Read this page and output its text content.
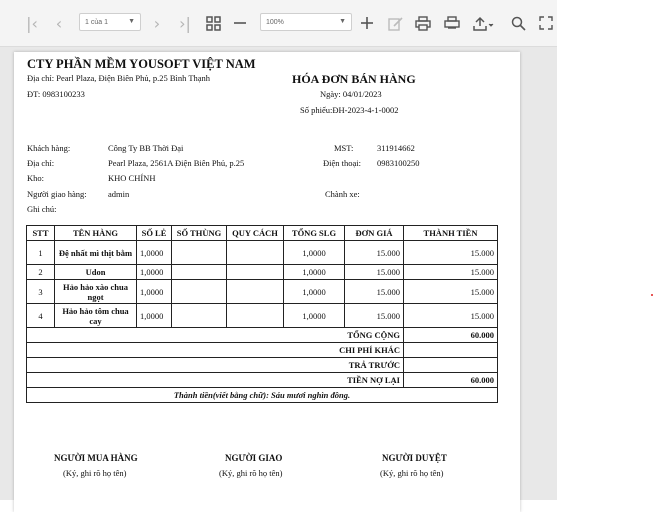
|‹ ‹	1 của 1	▼ › ›|	100%	▼
CTY PHẦN MỀM YOUSOFT VIỆT NAM
Địa chỉ: Pearl Plaza, Điện Biên Phủ, p.25 Bình Thạnh
ĐT: 0983100233
HÓA ĐƠN BÁN HÀNG
Ngày: 04/01/2023
Số phiếu:ĐH-2023-4-1-0002
Khách hàng:	Công Ty BB Thời Đại	MST:	311914662
Địa chỉ:	Pearl Plaza, 2561A Điện Biên Phủ, p.25	Điện thoại: 0983100250
Kho:	KHO CHÍNH
Người giao hàng:	admin	Chành xe:
Ghi chú:
STT	TÊN HÀNG	SỐ LẺ	SỐ THÙNG	QUY CÁCH	TỔNG SLG	ĐƠN GIÁ	THÀNH TIỀN
1	Đệ nhất mì thịt bằm	1,0000			1,0000	15.000	15.000
2	Udon	1,0000			1,0000	15.000	15.000
3	Hảo hảo xào chua ngọt	1,0000			1,0000	15.000	15.000
4	Hảo hảo tôm chua cay	1,0000			1,0000	15.000	15.000
TỔNG CỘNG							60.000
CHI PHÍ KHÁC							
TRẢ TRƯỚC							
TIỀN NỢ LẠI							60.000
Thành tiền(viết bằng chữ): Sáu mươi nghìn đồng.							
NGƯỜI MUA HÀNG
(Ký, ghi rõ họ tên)
NGƯỜI GIAO
(Ký, ghi rõ họ tên)
NGƯỜI DUYỆT
(Ký, ghi rõ họ tên)
